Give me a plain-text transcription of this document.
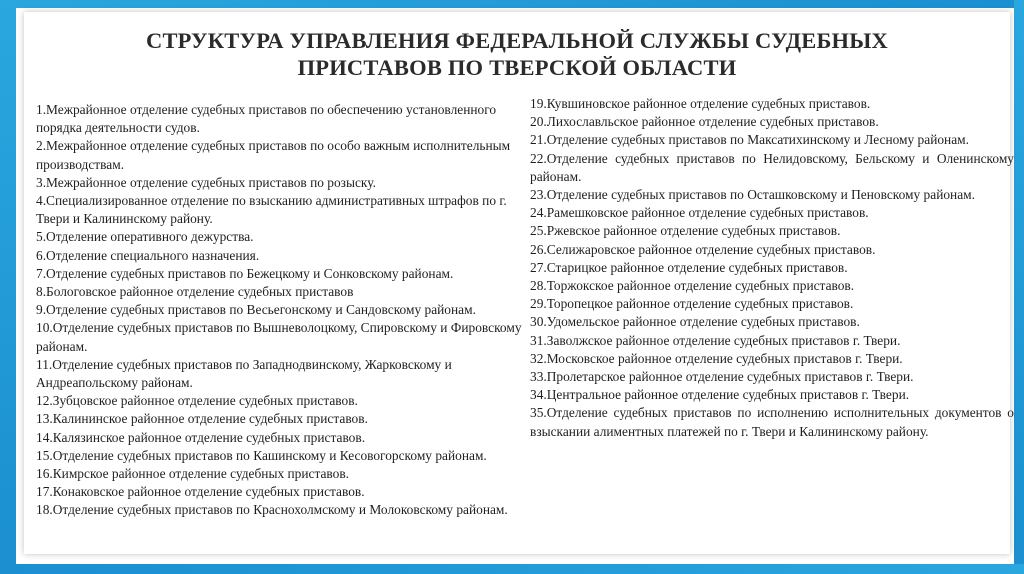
СТРУКТУРА УПРАВЛЕНИЯ ФЕДЕРАЛЬНОЙ СЛУЖБЫ СУДЕБНЫХ
ПРИСТАВОВ ПО ТВЕРСКОЙ ОБЛАСТИ

1.Межрайонное отделение судебных приставов по обеспечению установленного порядка деятельности судов.

2.Межрайонное отделение судебных приставов по особо важным исполнительным производствам.

3.Межрайонное отделение судебных приставов по розыску.

4.Специализированное отделение по взысканию административных штрафов по г. Твери и Калининскому району.

5.Отделение оперативного дежурства.

6.Отделение специального назначения.

7.Отделение судебных приставов по Бежецкому и Сонковскому районам.

8.Бологовское районное отделение судебных приставов

9.Отделение судебных приставов по Весьегонскому и Сандовскому районам.

10.Отделение судебных приставов по Вышневолоцкому, Спировскому и Фировскому районам.

11.Отделение судебных приставов по Западнодвинскому, Жарковскому и Андреапольскому районам.

12.Зубцовское районное отделение судебных приставов.

13.Калининское районное отделение судебных приставов.

14.Калязинское районное отделение судебных приставов.

15.Отделение судебных приставов по Кашинскому и Кесовогорскому районам.

16.Кимрское районное отделение судебных приставов.

17.Конаковское районное отделение судебных приставов.

18.Отделение судебных приставов по Краснохолмскому и Молоковскому районам.

19.Кувшиновское районное отделение судебных приставов.

20.Лихославльское районное отделение судебных приставов.

21.Отделение судебных приставов по Максатихинскому и Лесному районам.

22.Отделение судебных приставов по Нелидовскому, Бельскому и Оленинскому районам.

23.Отделение судебных приставов по Осташковскому и Пеновскому районам.

24.Рамешковское районное отделение судебных приставов.

25.Ржевское районное отделение судебных приставов.

26.Селижаровское районное отделение судебных приставов.

27.Старицкое районное отделение судебных приставов.

28.Торжокское районное отделение судебных приставов.

29.Торопецкое районное отделение судебных приставов.

30.Удомельское районное отделение судебных приставов.

31.Заволжское районное отделение судебных приставов г. Твери.

32.Московское районное отделение судебных приставов г. Твери.

33.Пролетарское районное отделение судебных приставов г. Твери.

34.Центральное районное отделение судебных приставов г. Твери.

35.Отделение судебных приставов по исполнению исполнительных документов о взыскании алиментных платежей по г. Твери и Калининскому району.
